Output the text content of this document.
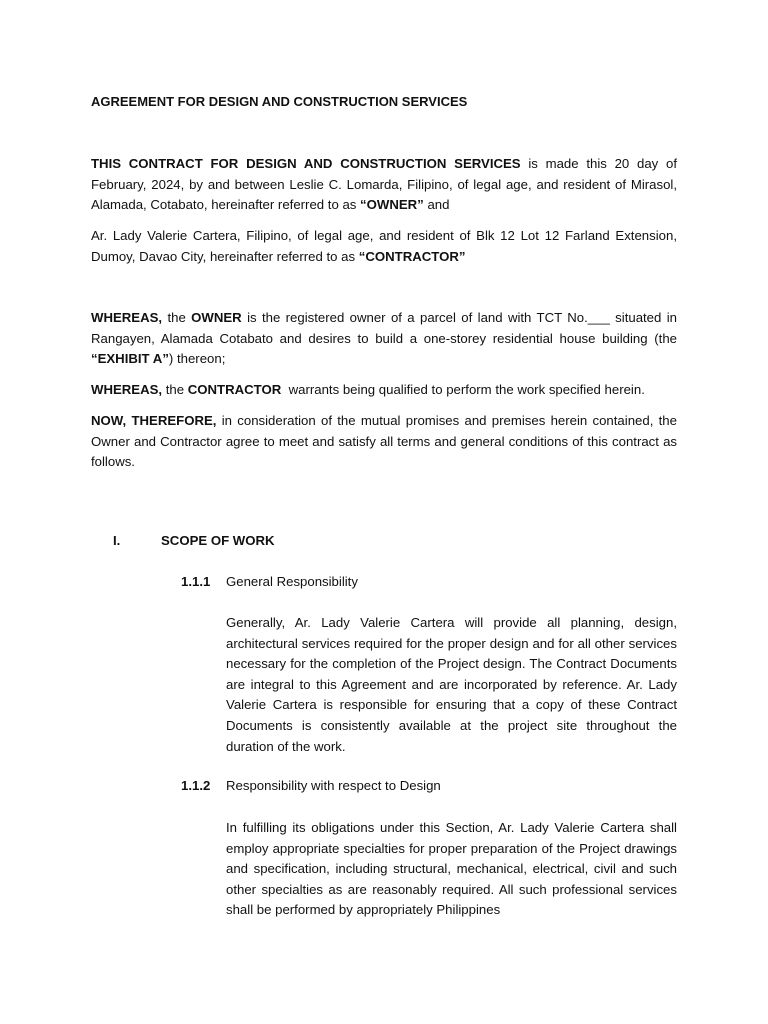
AGREEMENT FOR DESIGN AND CONSTRUCTION SERVICES

THIS CONTRACT FOR DESIGN AND CONSTRUCTION SERVICES is made this 20 day of February, 2024, by and between Leslie C. Lomarda, Filipino, of legal age, and resident of Mirasol, Alamada, Cotabato, hereinafter referred to as “OWNER” and

Ar. Lady Valerie Cartera, Filipino, of legal age, and resident of Blk 12 Lot 12 Farland Extension, Dumoy, Davao City, hereinafter referred to as “CONTRACTOR”

WHEREAS, the OWNER is the registered owner of a parcel of land with TCT No.___ situated in Rangayen, Alamada Cotabato and desires to build a one-storey residential house building (the “EXHIBIT A”) thereon;

WHEREAS, the CONTRACTOR  warrants being qualified to perform the work specified herein.

NOW, THEREFORE, in consideration of the mutual promises and premises herein contained, the Owner and Contractor agree to meet and satisfy all terms and general conditions of this contract as follows.

I.	SCOPE OF WORK
1.1.1 General Responsibility

Generally, Ar. Lady Valerie Cartera will provide all planning, design, architectural services required for the proper design and for all other services necessary for the completion of the Project design. The Contract Documents are integral to this Agreement and are incorporated by reference. Ar. Lady Valerie Cartera is responsible for ensuring that a copy of these Contract Documents is consistently available at the project site throughout the duration of the work.

1.1.2 Responsibility with respect to Design

In fulfilling its obligations under this Section, Ar. Lady Valerie Cartera shall employ appropriate specialties for proper preparation of the Project drawings and specification, including structural, mechanical, electrical, civil and such other specialties as are reasonably required. All such professional services shall be performed by appropriately Philippines
